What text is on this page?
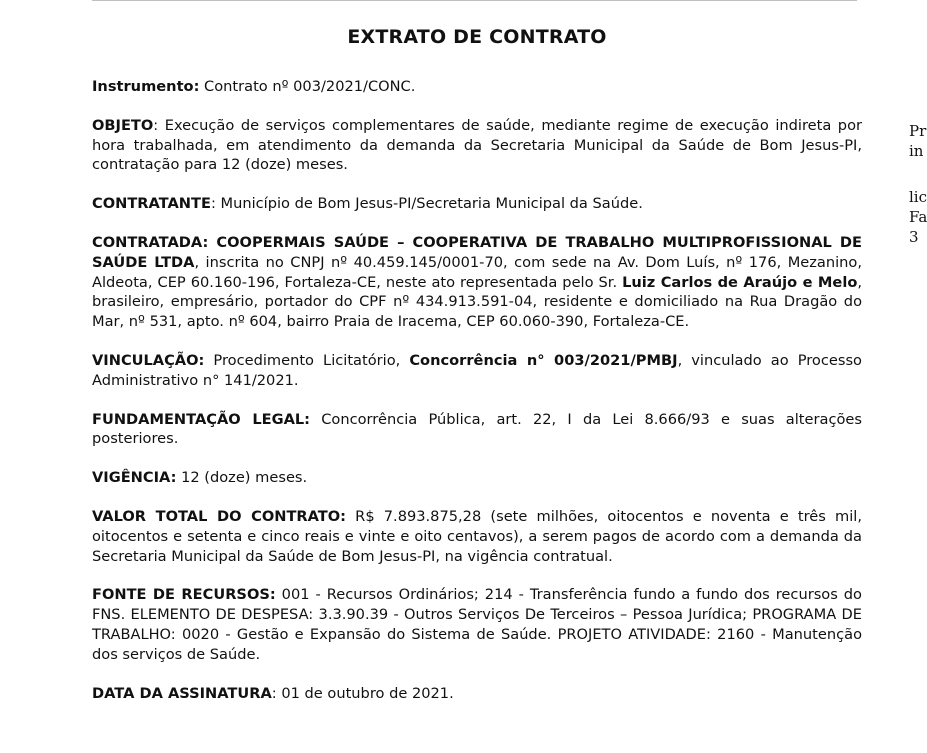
EXTRATO DE CONTRATO

Instrumento: Contrato nº 003/2021/CONC.

OBJETO: Execução de serviços complementares de saúde, mediante regime de execução indireta por hora trabalhada, em atendimento da demanda da Secretaria Municipal da Saúde de Bom Jesus-PI, contratação para 12 (doze) meses.

CONTRATANTE: Município de Bom Jesus-PI/Secretaria Municipal da Saúde.

CONTRATADA: COOPERMAIS SAÚDE – COOPERATIVA DE TRABALHO MULTIPROFISSIONAL DE SAÚDE LTDA, inscrita no CNPJ nº 40.459.145/0001-70, com sede na Av. Dom Luís, nº 176, Mezanino, Aldeota, CEP 60.160-196, Fortaleza-CE, neste ato representada pelo Sr. Luiz Carlos de Araújo e Melo, brasileiro, empresário, portador do CPF nº 434.913.591-04, residente e domiciliado na Rua Dragão do Mar, nº 531, apto. nº 604, bairro Praia de Iracema, CEP 60.060-390, Fortaleza-CE.

VINCULAÇÃO: Procedimento Licitatório, Concorrência n° 003/2021/PMBJ, vinculado ao Processo Administrativo n° 141/2021.

FUNDAMENTAÇÃO LEGAL: Concorrência Pública, art. 22, I da Lei 8.666/93 e suas alterações posteriores.

VIGÊNCIA: 12 (doze) meses.

VALOR TOTAL DO CONTRATO: R$ 7.893.875,28 (sete milhões, oitocentos e noventa e três mil, oitocentos e setenta e cinco reais e vinte e oito centavos), a serem pagos de acordo com a demanda da Secretaria Municipal da Saúde de Bom Jesus-PI, na vigência contratual.

FONTE DE RECURSOS: 001 - Recursos Ordinários; 214 - Transferência fundo a fundo dos recursos do FNS. ELEMENTO DE DESPESA: 3.3.90.39 - Outros Serviços De Terceiros – Pessoa Jurídica; PROGRAMA DE TRABALHO: 0020 - Gestão e Expansão do Sistema de Saúde. PROJETO ATIVIDADE: 2160 - Manutenção dos serviços de Saúde.

DATA DA ASSINATURA: 01 de outubro de 2021.

Pr
in
lic
Fa
3
